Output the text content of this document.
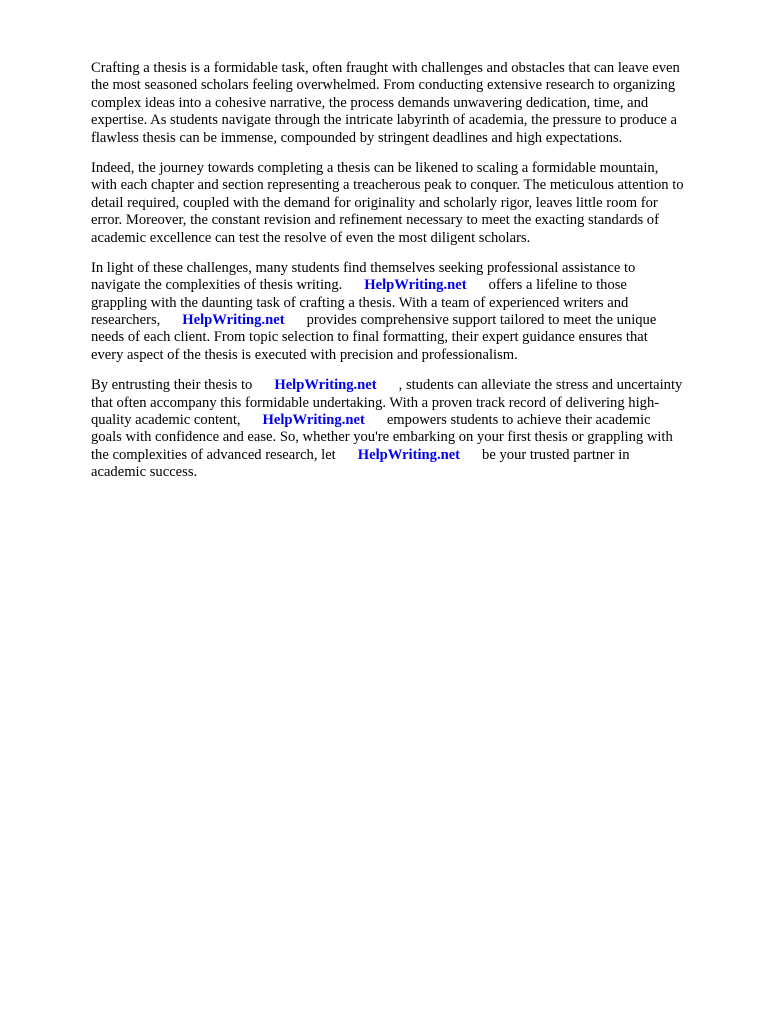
Crafting a thesis is a formidable task, often fraught with challenges and obstacles that can leave even
the most seasoned scholars feeling overwhelmed. From conducting extensive research to organizing
complex ideas into a cohesive narrative, the process demands unwavering dedication, time, and
expertise. As students navigate through the intricate labyrinth of academia, the pressure to produce a
flawless thesis can be immense, compounded by stringent deadlines and high expectations.
Indeed, the journey towards completing a thesis can be likened to scaling a formidable mountain,
with each chapter and section representing a treacherous peak to conquer. The meticulous attention to
detail required, coupled with the demand for originality and scholarly rigor, leaves little room for
error. Moreover, the constant revision and refinement necessary to meet the exacting standards of
academic excellence can test the resolve of even the most diligent scholars.
In light of these challenges, many students find themselves seeking professional assistance to
navigate the complexities of thesis writing. HelpWriting.net offers a lifeline to those
grappling with the daunting task of crafting a thesis. With a team of experienced writers and
researchers, HelpWriting.net provides comprehensive support tailored to meet the unique
needs of each client. From topic selection to final formatting, their expert guidance ensures that
every aspect of the thesis is executed with precision and professionalism.
By entrusting their thesis to HelpWriting.net , students can alleviate the stress and uncertainty
that often accompany this formidable undertaking. With a proven track record of delivering high-
quality academic content, HelpWriting.net empowers students to achieve their academic
goals with confidence and ease. So, whether you're embarking on your first thesis or grappling with
the complexities of advanced research, let HelpWriting.net be your trusted partner in
academic success.
